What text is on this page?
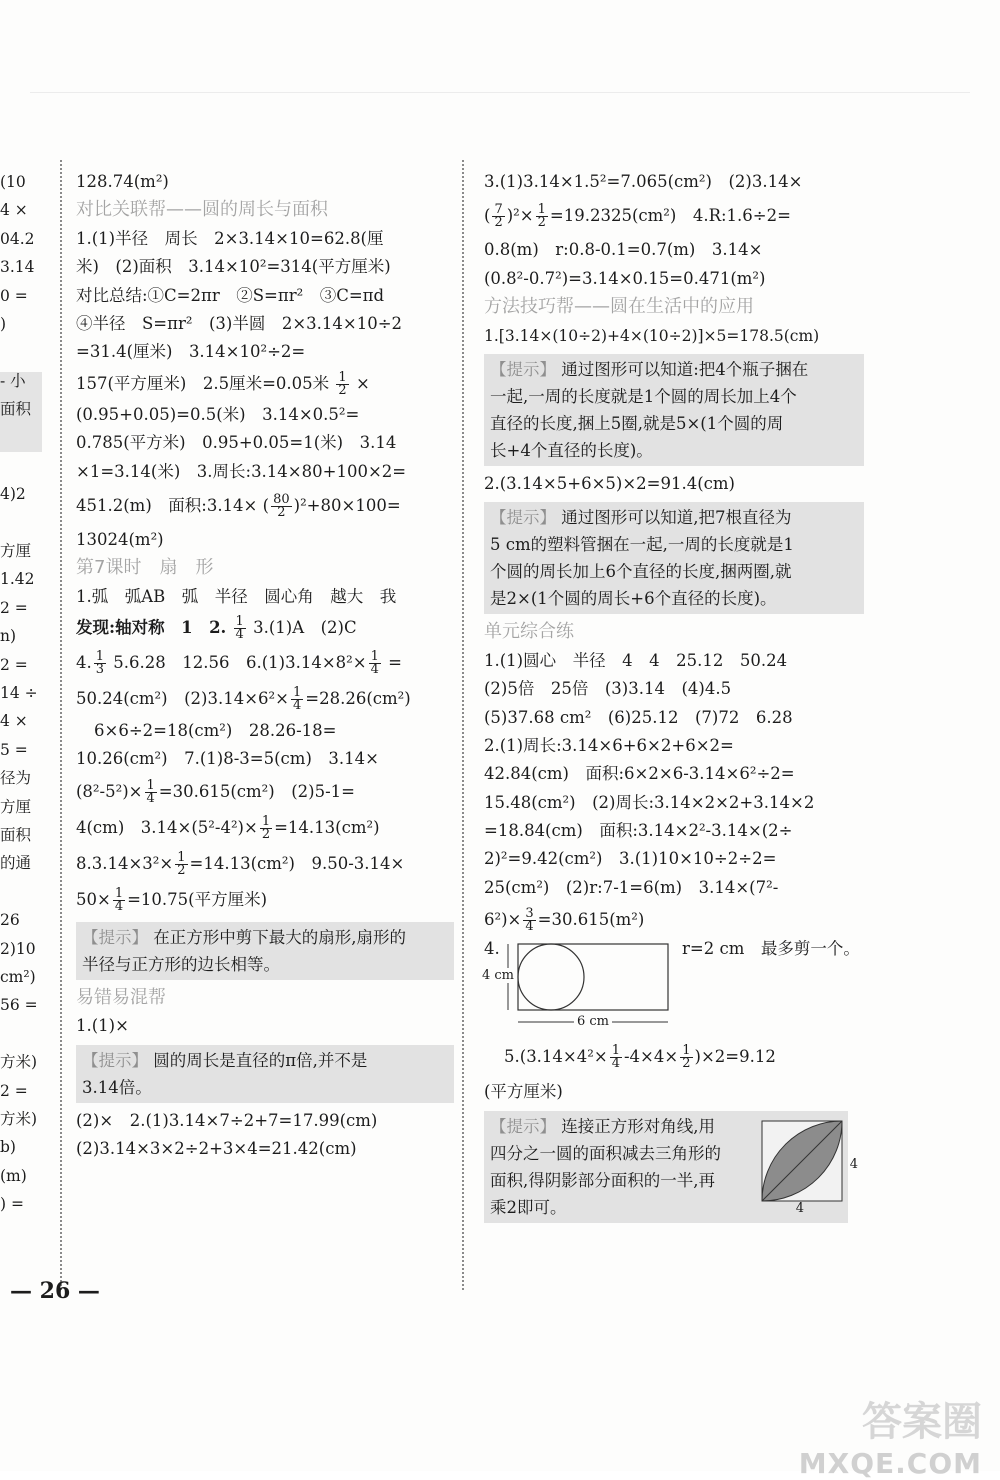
(10
4 ×
04.2
3.14
0 =
)
- 小
面积
4)2
方厘
1.42
2 =
n)
2 =
14 ÷
4 ×
5 =
径为
方厘
面积
的通
26
2)10
cm²)
56 =
方米)
2 =
方米)
b)
(m)
) =
128.74(m²)
对比关联帮——圆的周长与面积
1.(1)半径　周长　2×3.14×10=62.8(厘
米)　(2)面积　3.14×10²=314(平方厘米)
对比总结:①C=2πr　②S=πr²　③C=πd
④半径　S=πr²　(3)半圆　2×3.14×10÷2
=31.4(厘米)　3.14×10²÷2=
157(平方厘米)　2.5厘米=0.05米 $\frac{1}{2}$ ×
(0.95+0.05)=0.5(米)　3.14×0.5²=
0.785(平方米)　0.95+0.05=1(米)　3.14
×1=3.14(米)　3.周长:3.14×80+100×2=
451.2(m)　面积:3.14× ( $\frac{80}{2} )^2+80\times 100=$
13024(m²)
第7课时　扇　形
1.弧　弧AB　弧　半径　圆心角　越大　我
发现:轴对称　1　2. $\frac{1}{4} 3.(1)A$　(2)C
4. $\frac{1}{3} 5.6.28$　12.56　$6.(1)3.14\times 8^2\times \frac{1}{4}$ =
50.24(cm²)　$(2)3.14\times 6^2\times \frac{1}{4} =28.26(cm^2)$
6×6÷2=18(cm²)　28.26-18=
10.26(cm²)　7.(1)8-3=5(cm)　3.14×
$(8^2-5^2)\times \frac{1}{4} =30.615(cm^2)$　(2)5-1=
4(cm)　$3.14\times(5^2-4^2)\times \frac{1}{2} =14.13(cm^2)$
$8.3.14\times 3^2\times \frac{1}{2} =14.13(cm^2)$　9.50-3.14×
$50\times \frac{1}{4} =10.75$(平方厘米)
【提示】 在正方形中剪下最大的扇形,扇形的
半径与正方形的边长相等。
易错易混帮
1.(1)×
【提示】 圆的周长是直径的π倍,并不是
3.14倍。
(2)×　2.(1)3.14×7÷2+7=17.99(cm)
(2)3.14×3×2÷2+3×4=21.42(cm)
3.(1)3.14×1.5²=7.065(cm²)　(2)3.14×
( $\frac{7}{2} )^2\times \frac{1}{2} =19.2325(cm^2)$　4.R:1.6÷2=
0.8(m)　r:0.8-0.1=0.7(m)　3.14×
(0.8²-0.7²)=3.14×0.15=0.471(m²)
方法技巧帮——圆在生活中的应用
1.[3.14×(10÷2)+4×(10÷2)]×5=178.5(cm)
【提示】 通过图形可以知道:把4个瓶子捆在
一起,一周的长度就是1个圆的周长加上4个
直径的长度,捆上5圈,就是5×(1个圆的周
长+4个直径的长度)。
2.(3.14×5+6×5)×2=91.4(cm)
【提示】 通过图形可以知道,把7根直径为
5 cm的塑料管捆在一起,一周的长度就是1
个圆的周长加上6个直径的长度,捆两圈,就
是2×(1个圆的周长+6个直径的长度)。
单元综合练
1.(1)圆心　半径　4　4　25.12　50.24
(2)5倍　25倍　(3)3.14　(4)4.5
(5)37.68 cm²　(6)25.12　(7)72　6.28
2.(1)周长:3.14×6+6×2+6×2=
42.84(cm)　面积:6×2×6-3.14×6²÷2=
15.48(cm²)　(2)周长:3.14×2×2+3.14×2
=18.84(cm)　面积:3.14×2²-3.14×(2÷
2)²=9.42(cm²)　3.(1)10×10÷2÷2=
25(cm²)　(2)r:7-1=6(m)　3.14×(7²-
$6^2)\times \frac{3}{4} =30.615(m^2)$
4.
4 cm
6 cm
r=2 cm　最多剪一个。
$5.(3.14\times 4^2\times \frac{1}{4} -4\times 4\times \frac{1}{2} )\times 2=9.12$
(平方厘米)
【提示】 连接正方形对角线,用
四分之一圆的面积减去三角形的
面积,得阴影部分面积的一半,再
乘2即可。
4
4
— 26 —
答案圈
MXQE.COM
